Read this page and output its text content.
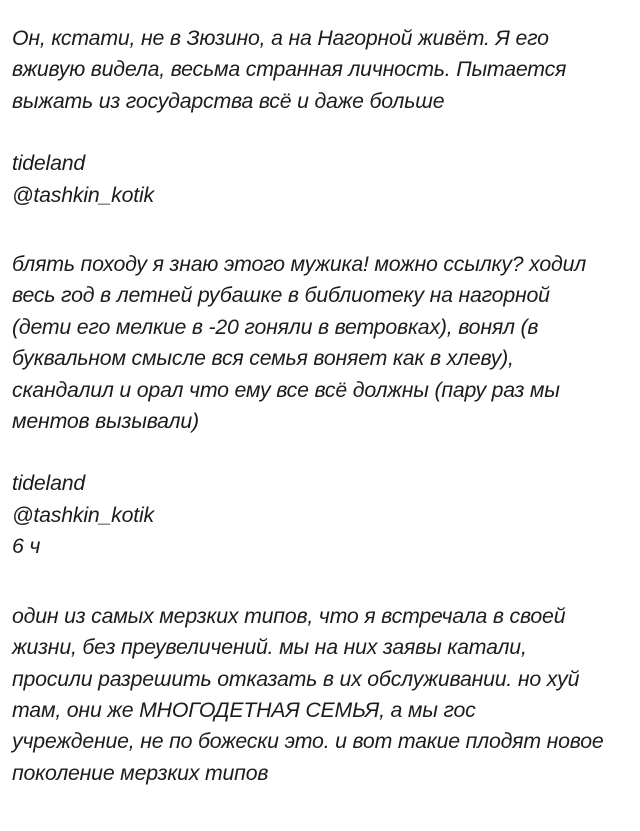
Он, кстати, не в Зюзино, а на Нагорной живёт. Я его
вживую видела, весьма странная личность. Пытается
выжать из государства всё и даже больше

tideland
@tashkin_kotik

блять походу я знаю этого мужика! можно ссылку? ходил
весь год в летней рубашке в библиотеку на нагорной
(дети его мелкие в -20 гоняли в ветровках), вонял (в
буквальном смысле вся семья воняет как в хлеву),
скандалил и орал что ему все всё должны (пару раз мы
ментов вызывали)

tideland
@tashkin_kotik
6 ч

один из самых мерзких типов, что я встречала в своей
жизни, без преувеличений. мы на них заявы катали,
просили разрешить отказать в их обслуживании. но хуй
там, они же МНОГОДЕТНАЯ СЕМЬЯ, а мы гос
учреждение, не по божески это. и вот такие плодят новое
поколение мерзких типов
